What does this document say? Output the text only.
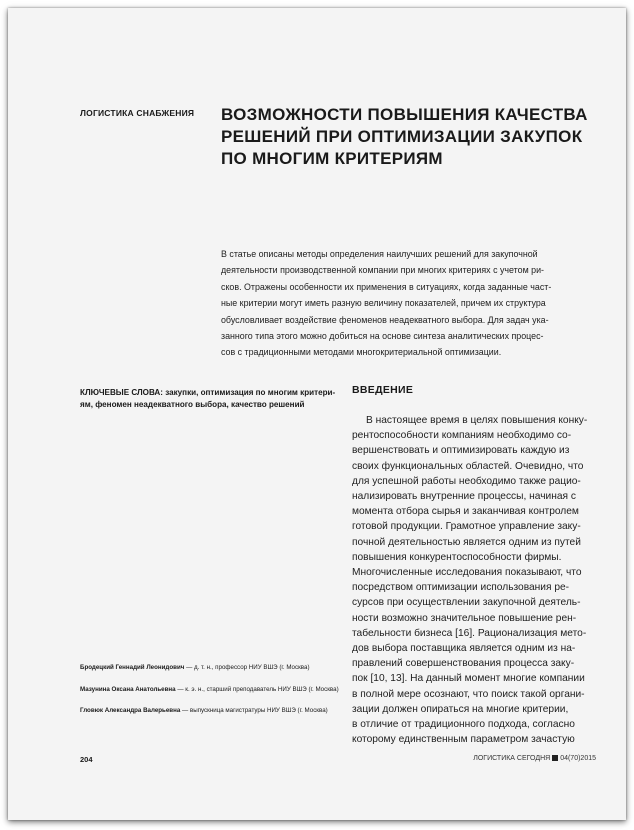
ЛОГИСТИКА СНАБЖЕНИЯ ВОЗМОЖНОСТИ ПОВЫШЕНИЯ КАЧЕСТВА
РЕШЕНИЙ ПРИ ОПТИМИЗАЦИИ ЗАКУПОК
ПО МНОГИМ КРИТЕРИЯМ
В статье описаны методы определения наилучших решений для закупочной
деятельности производственной компании при многих критериях с учетом ри-
сков. Отражены особенности их применения в ситуациях, когда заданные част-
ные критерии могут иметь разную величину показателей, причем их структура
обусловливает воздействие феноменов неадекватного выбора. Для задач ука-
занного типа этого можно добиться на основе синтеза аналитических процес-
сов с традиционными методами многокритериальной оптимизации.
КЛЮЧЕВЫЕ СЛОВА: закупки, оптимизация по многим критери-
ям, феномен неадекватного выбора, качество решений
ВВЕДЕНИЕ
В настоящее время в целях повышения конку-
рентоспособности компаниям необходимо со-
вершенствовать и оптимизировать каждую из
своих функциональных областей. Очевидно, что
для успешной работы необходимо также рацио-
нализировать внутренние процессы, начиная с
момента отбора сырья и заканчивая контролем
готовой продукции. Грамотное управление заку-
почной деятельностью является одним из путей
повышения конкурентоспособности фирмы.
Многочисленные исследования показывают, что
посредством оптимизации использования ре-
сурсов при осуществлении закупочной деятель-
ности возможно значительное повышение рен-
табельности бизнеса [16]. Рационализация мето-
дов выбора поставщика является одним из на-
правлений совершенствования процесса заку-
пок [10, 13]. На данный момент многие компании
в полной мере осознают, что поиск такой органи-
зации должен опираться на многие критерии,
в отличие от традиционного подхода, согласно
которому единственным параметром зачастую
Бродецкий Геннадий Леонидович — д. т. н., профессор НИУ ВШЭ (г. Москва)
Мазунина Оксана Анатольевна — к. э. н., старший преподаватель НИУ ВШЭ (г. Москва)
Гловюк Александра Валерьевна — выпускница магистратуры НИУ ВШЭ (г. Москва)
204	ЛОГИСТИКА СЕГОДНЯ 04(70)2015
